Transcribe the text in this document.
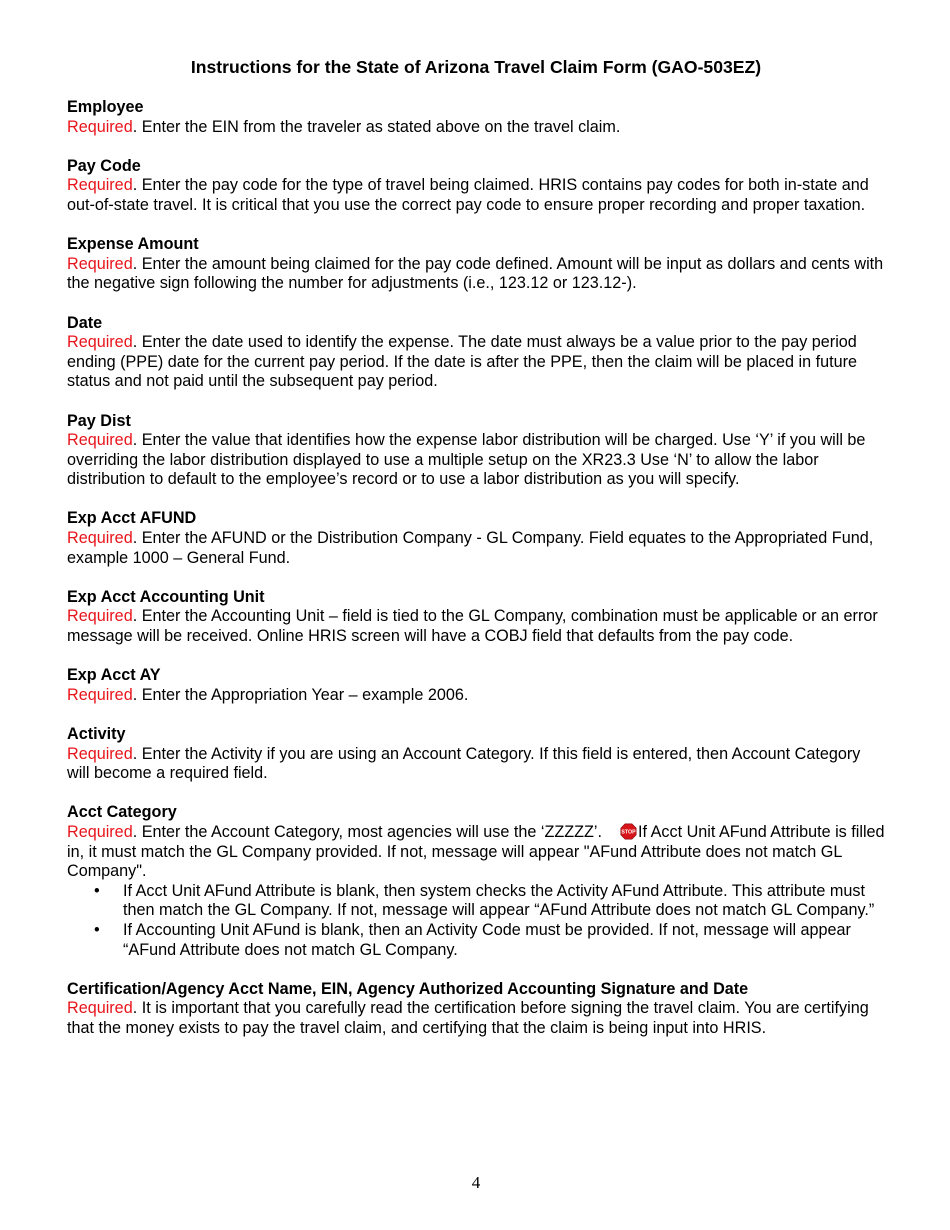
Instructions for the State of Arizona Travel Claim Form (GAO-503EZ)

Employee

Required. Enter the EIN from the traveler as stated above on the travel claim.

Pay Code

Required. Enter the pay code for the type of travel being claimed. HRIS contains pay codes for both in-state and out-of-state travel. It is critical that you use the correct pay code to ensure proper recording and proper taxation.

Expense Amount

Required. Enter the amount being claimed for the pay code defined. Amount will be input as dollars and cents with the negative sign following the number for adjustments (i.e., 123.12 or 123.12-).

Date

Required. Enter the date used to identify the expense. The date must always be a value prior to the pay period ending (PPE) date for the current pay period. If the date is after the PPE, then the claim will be placed in future status and not paid until the subsequent pay period.

Pay Dist

Required. Enter the value that identifies how the expense labor distribution will be charged. Use ‘Y’ if you will be overriding the labor distribution displayed to use a multiple setup on the XR23.3 Use ‘N’ to allow the labor distribution to default to the employee’s record or to use a labor distribution as you will specify.

Exp Acct AFUND

Required. Enter the AFUND or the Distribution Company - GL Company. Field equates to the Appropriated Fund, example 1000 – General Fund.

Exp Acct Accounting Unit

Required. Enter the Accounting Unit – field is tied to the GL Company, combination must be applicable or an error message will be received. Online HRIS screen will have a COBJ field that defaults from the pay code.

Exp Acct AY

Required. Enter the Appropriation Year – example 2006.

Activity

Required. Enter the Activity if you are using an Account Category. If this field is entered, then Account Category will become a required field.

Acct Category

Required. Enter the Account Category, most agencies will use the ‘ZZZZZ’.	STOP If Acct Unit AFund Attribute is filled in, it must match the GL Company provided. If not, message will appear "AFund Attribute does not match GL Company".

• If Acct Unit AFund Attribute is blank, then system checks the Activity AFund Attribute. This attribute must then match the GL Company. If not, message will appear “AFund Attribute does not match GL Company.”
• If Accounting Unit AFund is blank, then an Activity Code must be provided. If not, message will appear “AFund Attribute does not match GL Company.

Certification/Agency Acct Name, EIN, Agency Authorized Accounting Signature and Date

Required. It is important that you carefully read the certification before signing the travel claim. You are certifying that the money exists to pay the travel claim, and certifying that the claim is being input into HRIS.

4
